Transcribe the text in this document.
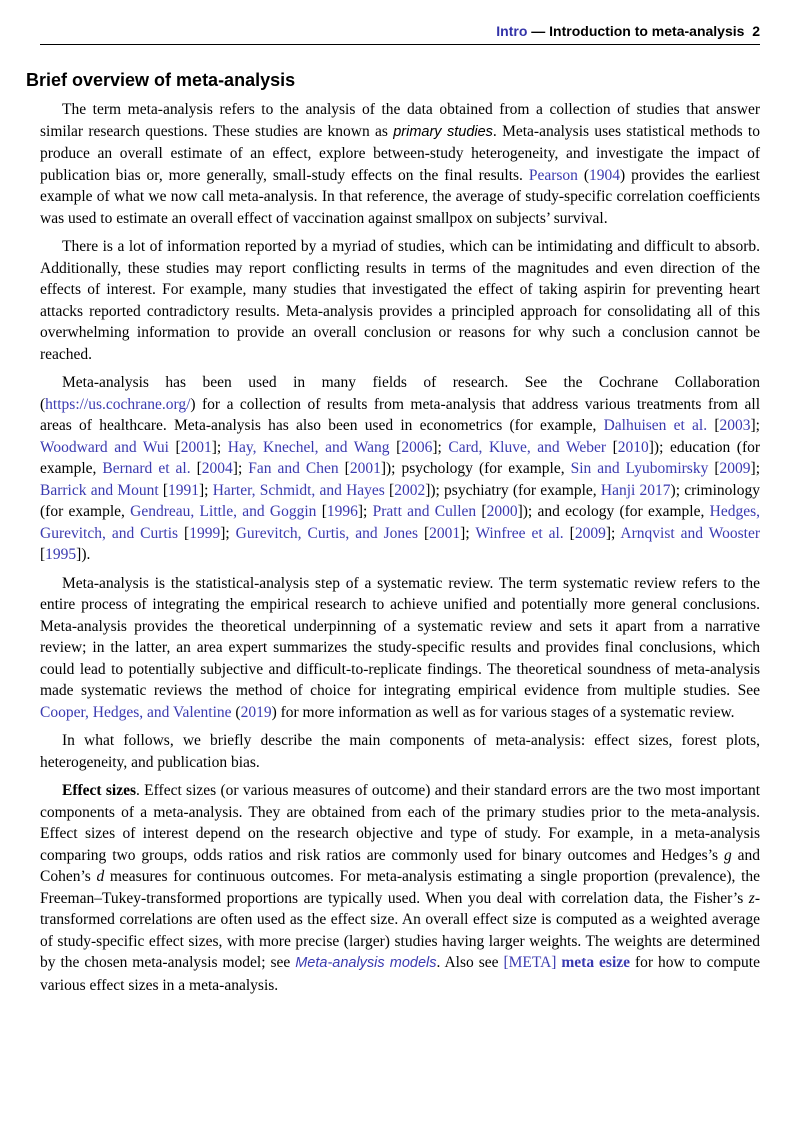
Intro — Introduction to meta-analysis 2
Brief overview of meta-analysis

The term meta-analysis refers to the analysis of the data obtained from a collection of studies that answer similar research questions. These studies are known as primary studies. Meta-analysis uses statistical methods to produce an overall estimate of an effect, explore between-study heterogeneity, and investigate the impact of publication bias or, more generally, small-study effects on the final results. Pearson (1904) provides the earliest example of what we now call meta-analysis. In that reference, the average of study-specific correlation coefficients was used to estimate an overall effect of vaccination against smallpox on subjects’ survival.

There is a lot of information reported by a myriad of studies, which can be intimidating and difficult to absorb. Additionally, these studies may report conflicting results in terms of the magnitudes and even direction of the effects of interest. For example, many studies that investigated the effect of taking aspirin for preventing heart attacks reported contradictory results. Meta-analysis provides a principled approach for consolidating all of this overwhelming information to provide an overall conclusion or reasons for why such a conclusion cannot be reached.

Meta-analysis has been used in many fields of research. See the Cochrane Collaboration (https://us.cochrane.org/) for a collection of results from meta-analysis that address various treatments from all areas of healthcare. Meta-analysis has also been used in econometrics (for example, Dalhuisen et al. [2003]; Woodward and Wui [2001]; Hay, Knechel, and Wang [2006]; Card, Kluve, and Weber [2010]); education (for example, Bernard et al. [2004]; Fan and Chen [2001]); psychology (for example, Sin and Lyubomirsky [2009]; Barrick and Mount [1991]; Harter, Schmidt, and Hayes [2002]); psychiatry (for example, Hanji 2017); criminology (for example, Gendreau, Little, and Goggin [1996]; Pratt and Cullen [2000]); and ecology (for example, Hedges, Gurevitch, and Curtis [1999]; Gurevitch, Curtis, and Jones [2001]; Winfree et al. [2009]; Arnqvist and Wooster [1995]).

Meta-analysis is the statistical-analysis step of a systematic review. The term systematic review refers to the entire process of integrating the empirical research to achieve unified and potentially more general conclusions. Meta-analysis provides the theoretical underpinning of a systematic review and sets it apart from a narrative review; in the latter, an area expert summarizes the study-specific results and provides final conclusions, which could lead to potentially subjective and difficult-to-replicate findings. The theoretical soundness of meta-analysis made systematic reviews the method of choice for integrating empirical evidence from multiple studies. See Cooper, Hedges, and Valentine (2019) for more information as well as for various stages of a systematic review.

In what follows, we briefly describe the main components of meta-analysis: effect sizes, forest plots, heterogeneity, and publication bias.

Effect sizes. Effect sizes (or various measures of outcome) and their standard errors are the two most important components of a meta-analysis. They are obtained from each of the primary studies prior to the meta-analysis. Effect sizes of interest depend on the research objective and type of study. For example, in a meta-analysis comparing two groups, odds ratios and risk ratios are commonly used for binary outcomes and Hedges’s g and Cohen’s d measures for continuous outcomes. For meta-analysis estimating a single proportion (prevalence), the Freeman–Tukey-transformed proportions are typically used. When you deal with correlation data, the Fisher’s z-transformed correlations are often used as the effect size. An overall effect size is computed as a weighted average of study-specific effect sizes, with more precise (larger) studies having larger weights. The weights are determined by the chosen meta-analysis model; see Meta-analysis models. Also see [META] meta esize for how to compute various effect sizes in a meta-analysis.
